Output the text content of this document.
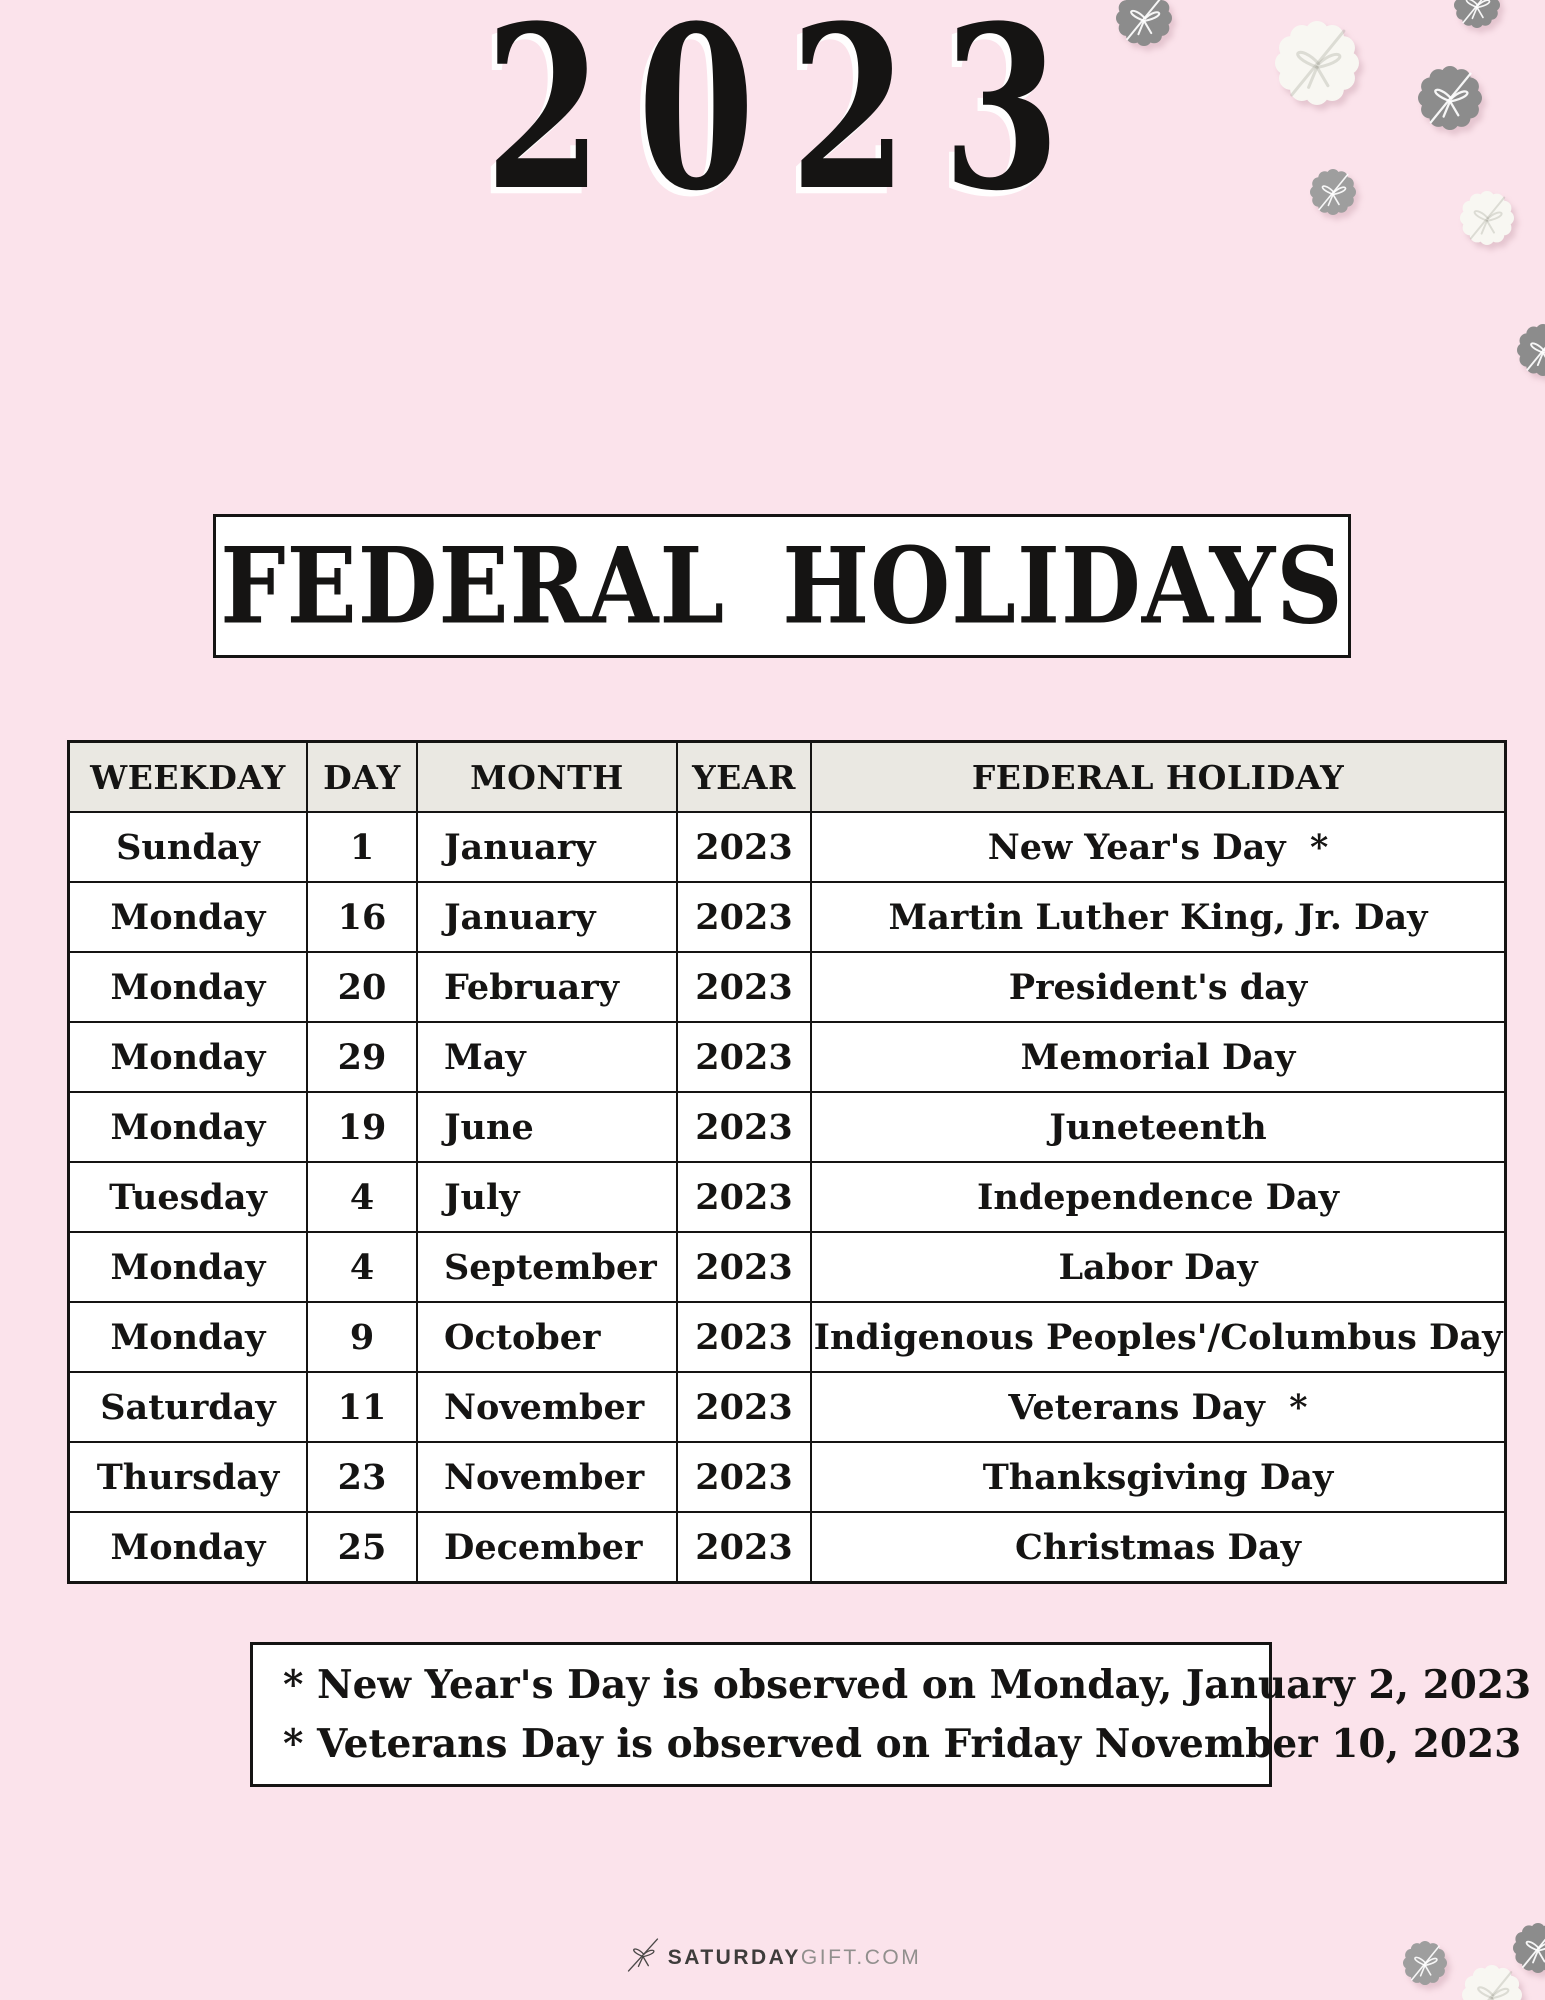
2023
FEDERAL HOLIDAYS
WEEKDAY	DAY	MONTH	YEAR	FEDERAL HOLIDAY
Sunday	1	January	2023	New Year's Day  *
Monday	16	January	2023	Martin Luther King, Jr. Day
Monday	20	February	2023	President's day
Monday	29	May	2023	Memorial Day
Monday	19	June	2023	Juneteenth
Tuesday	4	July	2023	Independence Day
Monday	4	September	2023	Labor Day
Monday	9	October	2023	Indigenous Peoples'/Columbus Day
Saturday	11	November	2023	Veterans Day  *
Thursday	23	November	2023	Thanksgiving Day
Monday	25	December	2023	Christmas Day
* New Year's Day is observed on Monday, January 2, 2023
* Veterans Day is observed on Friday November 10, 2023
SATURDAY GIFT.COM
